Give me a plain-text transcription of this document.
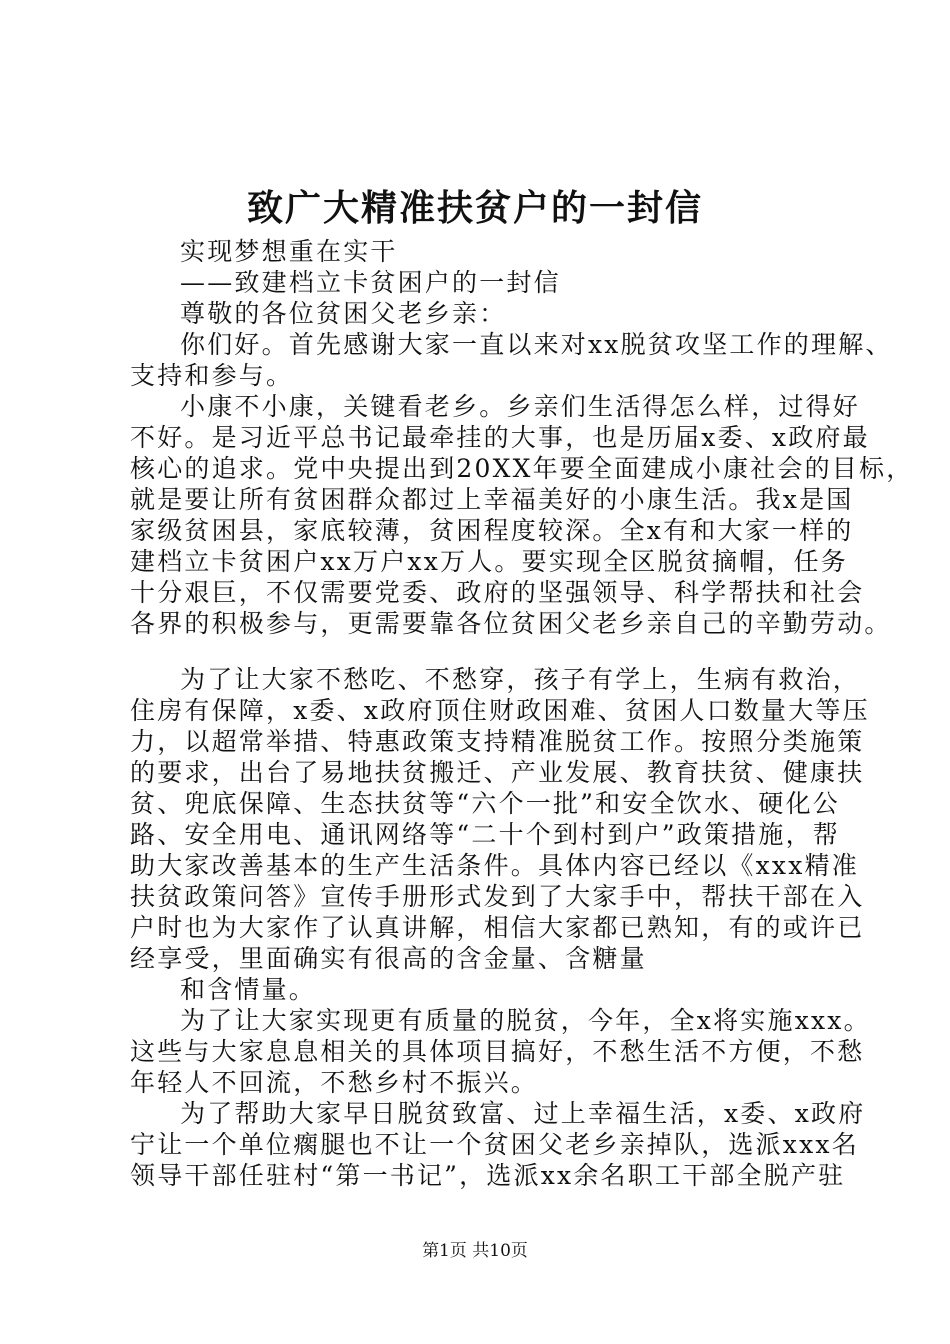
致广大精准扶贫户的一封信
实现梦想重在实干
——致建档立卡贫困户的一封信
尊敬的各位贫困父老乡亲：
你们好。首先感谢大家一直以来对xx脱贫攻坚工作的理解、
支持和参与。
小康不小康，关键看老乡。乡亲们生活得怎么样，过得好
不好。是习近平总书记最牵挂的大事，也是历届x委、x政府最
核心的追求。党中央提出到20XX年要全面建成小康社会的目标，
就是要让所有贫困群众都过上幸福美好的小康生活。我x是国
家级贫困县，家底较薄，贫困程度较深。全x有和大家一样的
建档立卡贫困户xx万户xx万人。要实现全区脱贫摘帽，任务
十分艰巨，不仅需要党委、政府的坚强领导、科学帮扶和社会
各界的积极参与，更需要靠各位贫困父老乡亲自己的辛勤劳动。
为了让大家不愁吃、不愁穿，孩子有学上，生病有救治，
住房有保障，x委、x政府顶住财政困难、贫困人口数量大等压
力，以超常举措、特惠政策支持精准脱贫工作。按照分类施策
的要求，出台了易地扶贫搬迁、产业发展、教育扶贫、健康扶
贫、兜底保障、生态扶贫等“六个一批”和安全饮水、硬化公
路、安全用电、通讯网络等“二十个到村到户”政策措施，帮
助大家改善基本的生产生活条件。具体内容已经以《xxx精准
扶贫政策问答》宣传手册形式发到了大家手中，帮扶干部在入
户时也为大家作了认真讲解，相信大家都已熟知，有的或许已
经享受，里面确实有很高的含金量、含糖量
和含情量。
为了让大家实现更有质量的脱贫，今年，全x将实施xxx。
这些与大家息息相关的具体项目搞好，不愁生活不方便，不愁
年轻人不回流，不愁乡村不振兴。
为了帮助大家早日脱贫致富、过上幸福生活，x委、x政府
宁让一个单位瘸腿也不让一个贫困父老乡亲掉队，选派xxx名
领导干部任驻村“第一书记”，选派xx余名职工干部全脱产驻
第1页 共10页
